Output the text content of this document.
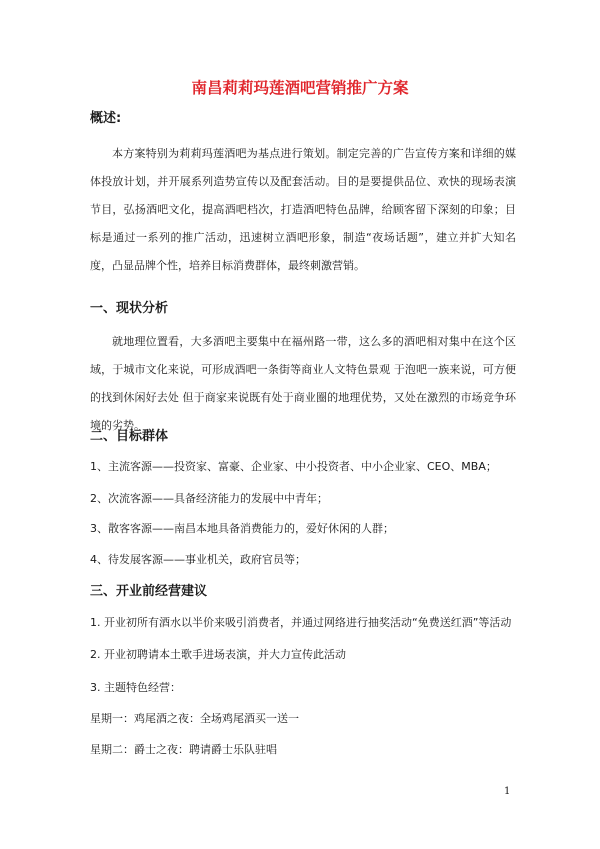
南昌莉莉玛莲酒吧营销推广方案
概述:

本方案特别为莉莉玛莲酒吧为基点进行策划。制定完善的广告宣传方案和详细的媒体投放计划，并开展系列造势宣传以及配套活动。目的是要提供品位、欢快的现场表演节目，弘扬酒吧文化，提高酒吧档次，打造酒吧特色品牌，给顾客留下深刻的印象；目标是通过一系列的推广活动，迅速树立酒吧形象，制造“夜场话题”，建立并扩大知名度，凸显品牌个性，培养目标消费群体，最终刺激营销。

一、现状分析

就地理位置看，大多酒吧主要集中在福州路一带，这么多的酒吧相对集中在这个区域，于城市文化来说，可形成酒吧一条街等商业人文特色景观 于泡吧一族来说，可方便的找到休闲好去处 但于商家来说既有处于商业圈的地理优势，又处在激烈的市场竞争环境的劣势。

二、目标群体
1、主流客源——投资家、富豪、企业家、中小投资者、中小企业家、CEO、MBA；
2、次流客源——具备经济能力的发展中中青年；
3、散客客源——南昌本地具备消费能力的，爱好休闲的人群；
4、待发展客源——事业机关，政府官员等；
三、开业前经营建议
1. 开业初所有酒水以半价来吸引消费者，并通过网络进行抽奖活动“免费送红酒”等活动
2. 开业初聘请本土歌手进场表演，并大力宣传此活动
3. 主题特色经营：
星期一：鸡尾酒之夜：全场鸡尾酒买一送一
星期二：爵士之夜：聘请爵士乐队驻唱
1
